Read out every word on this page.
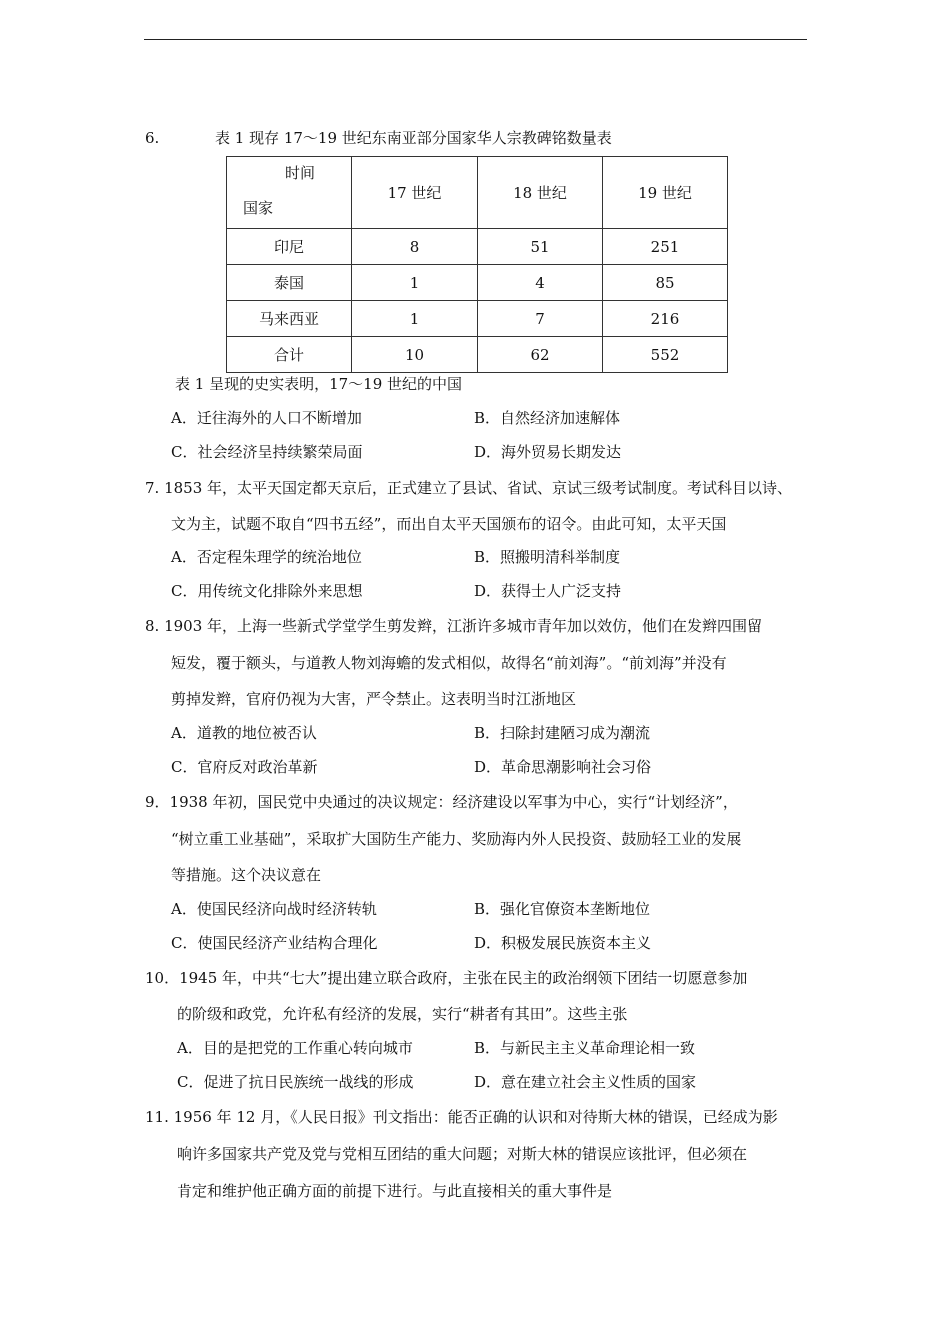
6.	表 1 现存 17～19 世纪东南亚部分国家华人宗教碑铭数量表
时间
国家	17 世纪	18 世纪	19 世纪
印尼	8	51	251
泰国	1	4	85
马来西亚	1	7	216
合计	10	62	552
表 1 呈现的史实表明，17～19 世纪的中国
A．迁往海外的人口不断增加	B．自然经济加速解体
C．社会经济呈持续繁荣局面	D．海外贸易长期发达
7. 1853 年，太平天国定都天京后，正式建立了县试、省试、京试三级考试制度。考试科目以诗、
文为主，试题不取自“四书五经”，而出自太平天国颁布的诏令。由此可知，太平天国
A．否定程朱理学的统治地位	B．照搬明清科举制度
C．用传统文化排除外来思想	D．获得士人广泛支持
8. 1903 年，上海一些新式学堂学生剪发辫，江浙许多城市青年加以效仿，他们在发辫四围留
短发，覆于额头，与道教人物刘海蟾的发式相似，故得名“前刘海”。“前刘海”并没有
剪掉发辫，官府仍视为大害，严令禁止。这表明当时江浙地区
A．道教的地位被否认	B．扫除封建陋习成为潮流
C．官府反对政治革新	D．革命思潮影响社会习俗
9．1938 年初，国民党中央通过的决议规定：经济建设以军事为中心，实行“计划经济”，
“树立重工业基础”，采取扩大国防生产能力、奖励海内外人民投资、鼓励轻工业的发展
等措施。这个决议意在
A．使国民经济向战时经济转轨	B．强化官僚资本垄断地位
C．使国民经济产业结构合理化	D．积极发展民族资本主义
10．1945 年，中共“七大”提出建立联合政府，主张在民主的政治纲领下团结一切愿意参加
的阶级和政党，允许私有经济的发展，实行“耕者有其田”。这些主张
A．目的是把党的工作重心转向城市	B．与新民主主义革命理论相一致
C．促进了抗日民族统一战线的形成	D．意在建立社会主义性质的国家
11. 1956 年 12 月，《人民日报》刊文指出：能否正确的认识和对待斯大林的错误，已经成为影
响许多国家共产党及党与党相互团结的重大问题；对斯大林的错误应该批评，但必须在
肯定和维护他正确方面的前提下进行。与此直接相关的重大事件是
